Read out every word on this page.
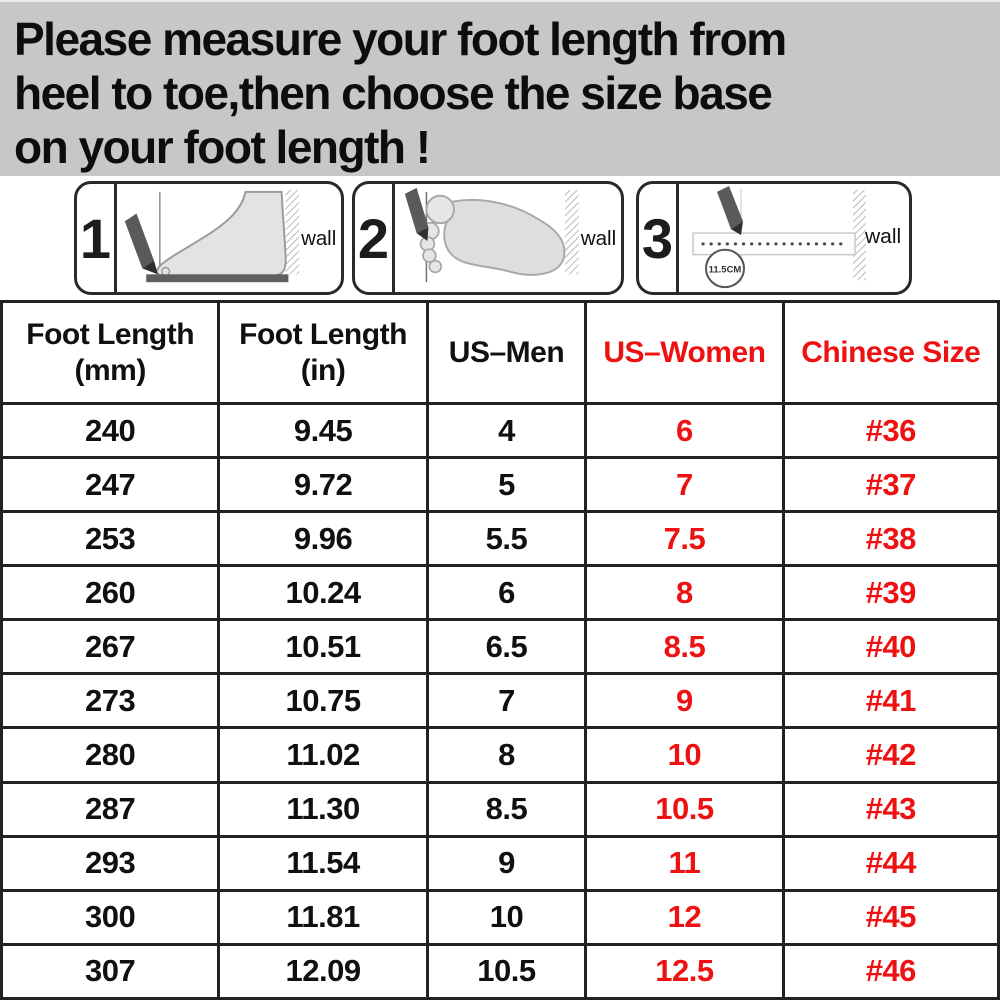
Please measure your foot length from
heel to toe,then choose the size base
on your foot length !
1	wall 2	wall 3	11.5CM
wall
Foot Length (mm)	Foot Length (in)	US–Men	US–Women	Chinese Size
240	9.45	4	6	#36
247	9.72	5	7	#37
253	9.96	5.5	7.5	#38
260	10.24	6	8	#39
267	10.51	6.5	8.5	#40
273	10.75	7	9	#41
280	11.02	8	10	#42
287	11.30	8.5	10.5	#43
293	11.54	9	11	#44
300	11.81	10	12	#45
307	12.09	10.5	12.5	#46
